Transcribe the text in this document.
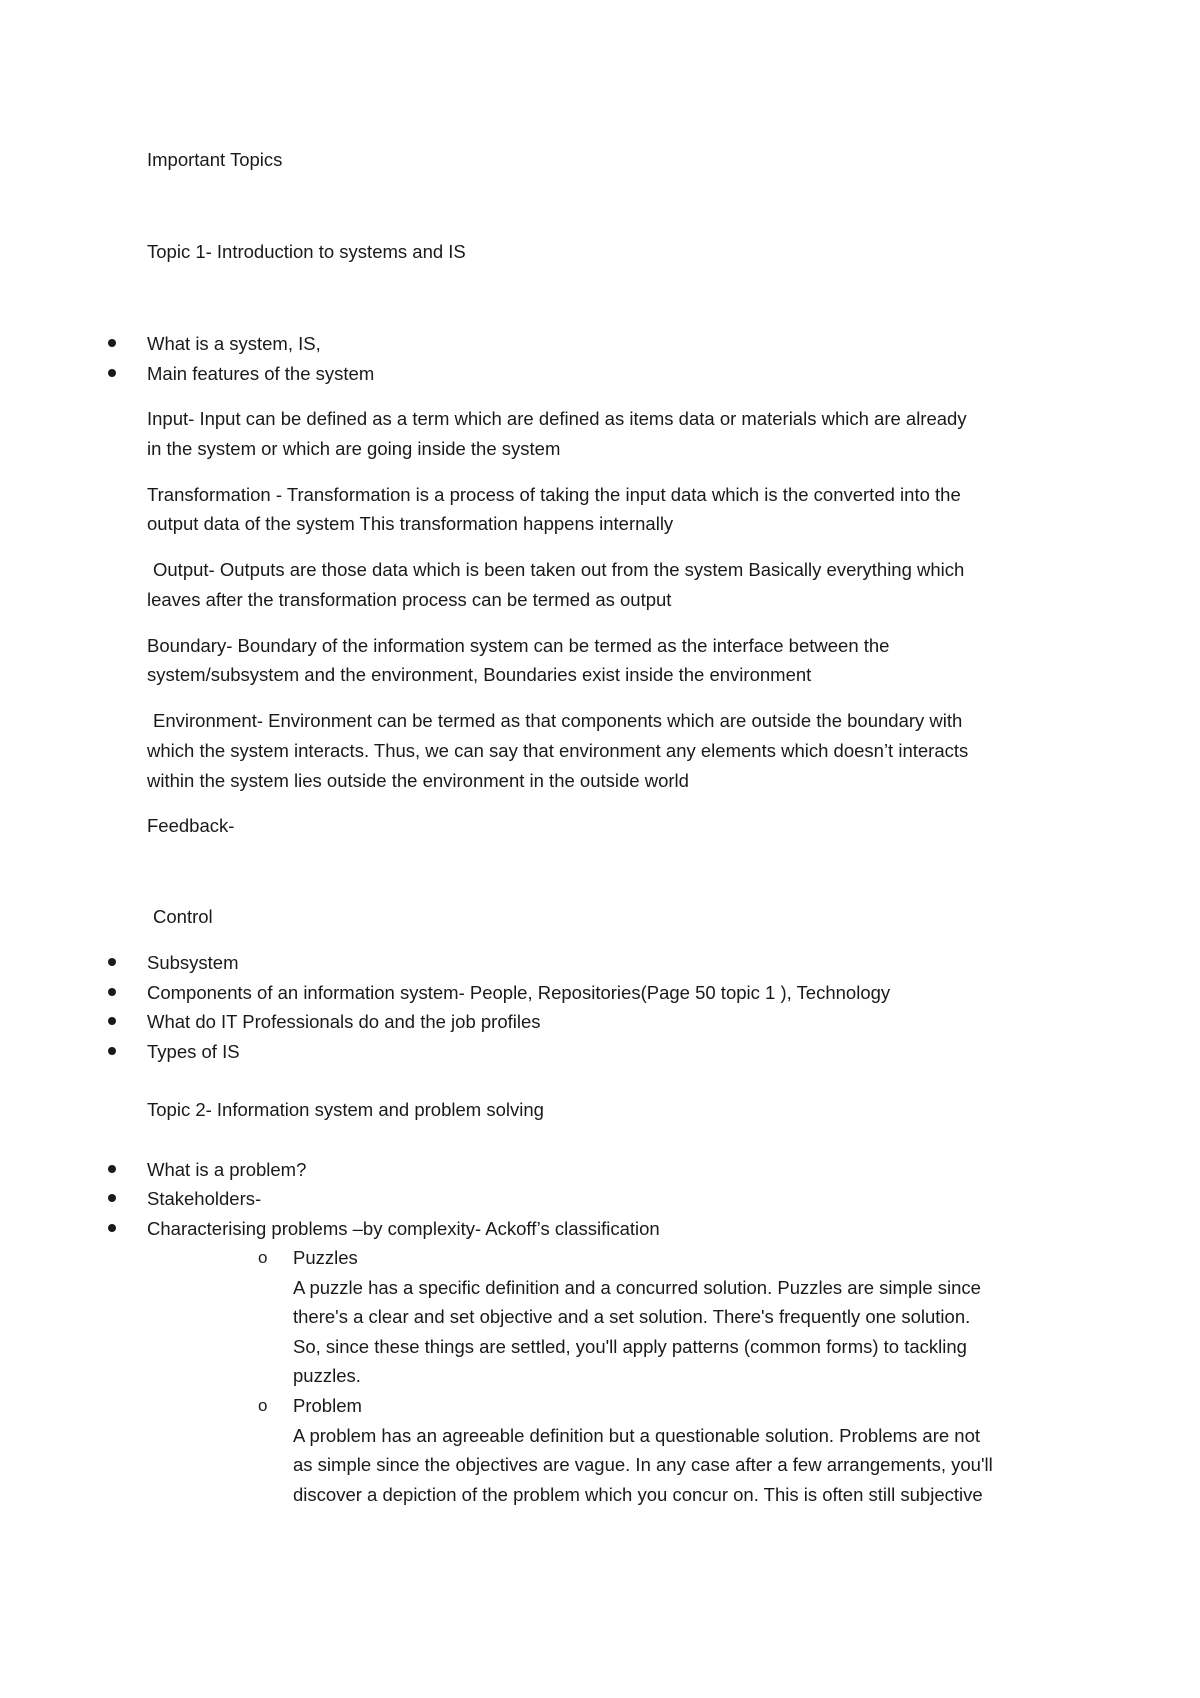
Important Topics
Topic 1- Introduction to systems and IS
What is a system, IS,
Main features of the system
Input- Input can be defined as a term which are defined as items data or materials which are already
in the system or which are going inside the system
Transformation - Transformation is a process of taking the input data which is the converted into the
output data of the system This transformation happens internally
Output- Outputs are those data which is been taken out from the system Basically everything which
leaves after the transformation process can be termed as output
Boundary- Boundary of the information system can be termed as the interface between the
system/subsystem and the environment, Boundaries exist inside the environment
Environment- Environment can be termed as that components which are outside the boundary with
which the system interacts. Thus, we can say that environment any elements which doesn’t interacts
within the system lies outside the environment in the outside world
Feedback-
Control
Subsystem
Components of an information system- People, Repositories(Page 50 topic 1 ), Technology
What do IT Professionals do and the job profiles
Types of IS
Topic 2- Information system and problem solving
What is a problem?
Stakeholders-
Characterising problems –by complexity- Ackoff’s classification
o Puzzles
A puzzle has a specific definition and a concurred solution. Puzzles are simple since
there's a clear and set objective and a set solution. There's frequently one solution.
So, since these things are settled, you'll apply patterns (common forms) to tackling
puzzles.
o Problem
A problem has an agreeable definition but a questionable solution. Problems are not
as simple since the objectives are vague. In any case after a few arrangements, you'll
discover a depiction of the problem which you concur on. This is often still subjective
